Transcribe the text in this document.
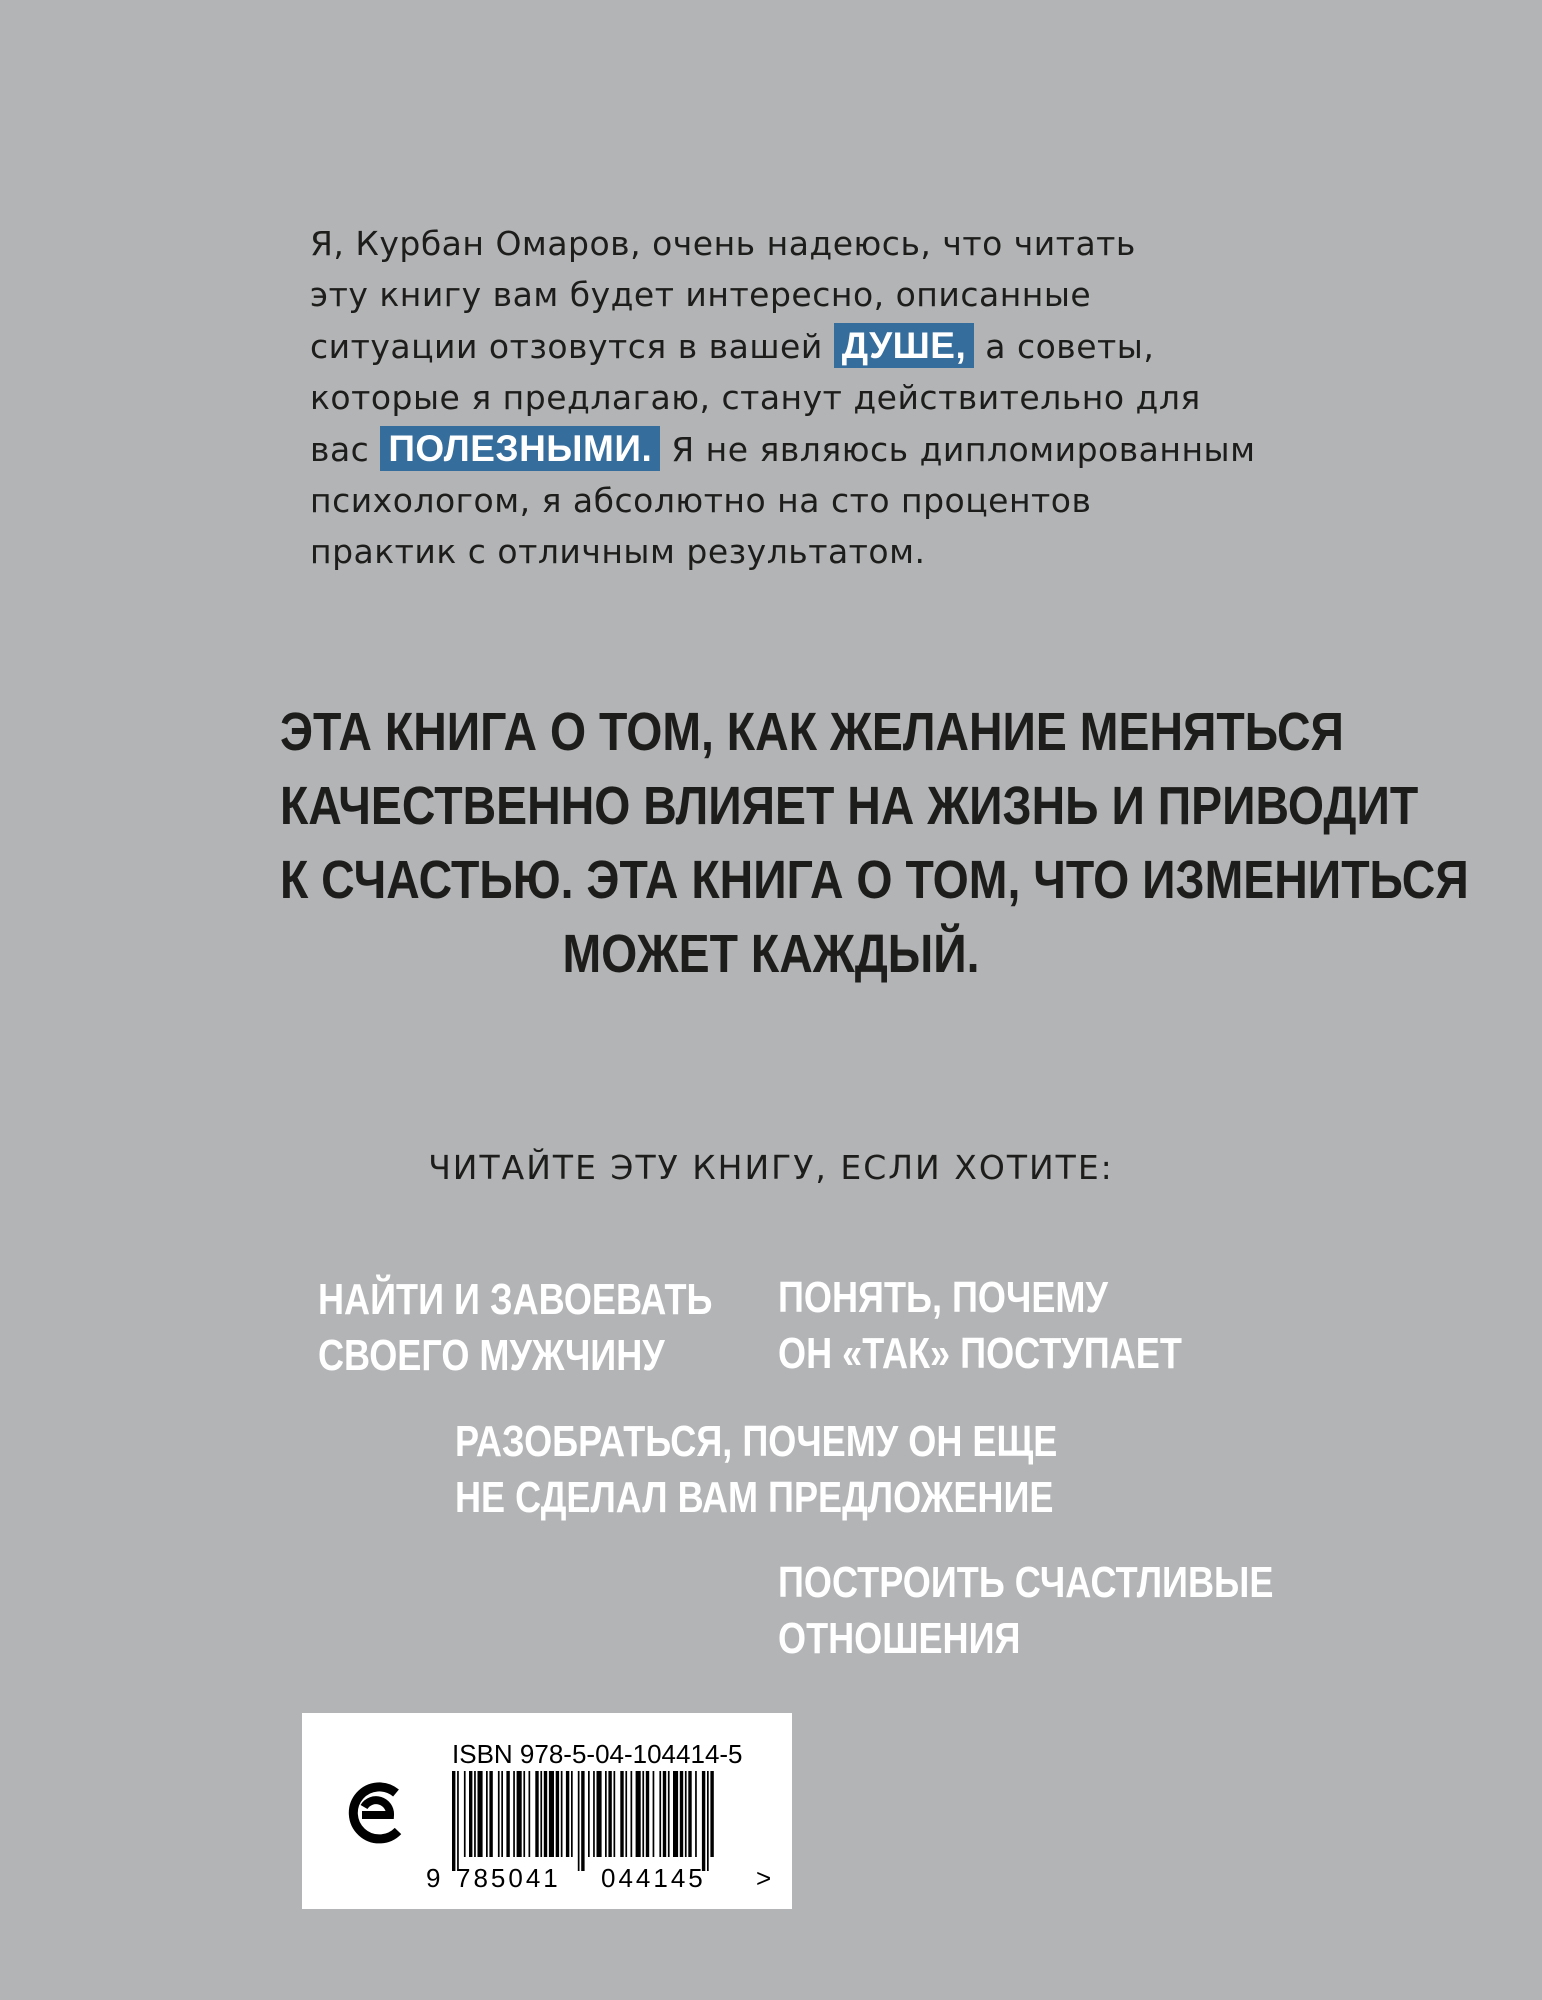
Я, Курбан Омаров, очень надеюсь, что читать
эту книгу вам будет интересно, описанные
ситуации отзовутся в вашей ДУШЕ, а советы,
которые я предлагаю, станут действительно для
вас ПОЛЕЗНЫМИ. Я не являюсь дипломированным
психологом, я абсолютно на сто процентов
практик с отличным результатом.
ЭТА КНИГА О ТОМ, КАК ЖЕЛАНИЕ МЕНЯТЬСЯ
КАЧЕСТВЕННО ВЛИЯЕТ НА ЖИЗНЬ И ПРИВОДИТ
К СЧАСТЬЮ. ЭТА КНИГА О ТОМ, ЧТО ИЗМЕНИТЬСЯ
МОЖЕТ КАЖДЫЙ.
ЧИТАЙТЕ ЭТУ КНИГУ, ЕСЛИ ХОТИТЕ:
НАЙТИ И ЗАВОЕВАТЬ
СВОЕГО МУЖЧИНУ
ПОНЯТЬ, ПОЧЕМУ
ОН «ТАК» ПОСТУПАЕТ
РАЗОБРАТЬСЯ, ПОЧЕМУ ОН ЕЩЕ
НЕ СДЕЛАЛ ВАМ ПРЕДЛОЖЕНИЕ
ПОСТРОИТЬ СЧАСТЛИВЫЕ
ОТНОШЕНИЯ
ISBN 978-5-04-104414-5
9 785041 044145 >
